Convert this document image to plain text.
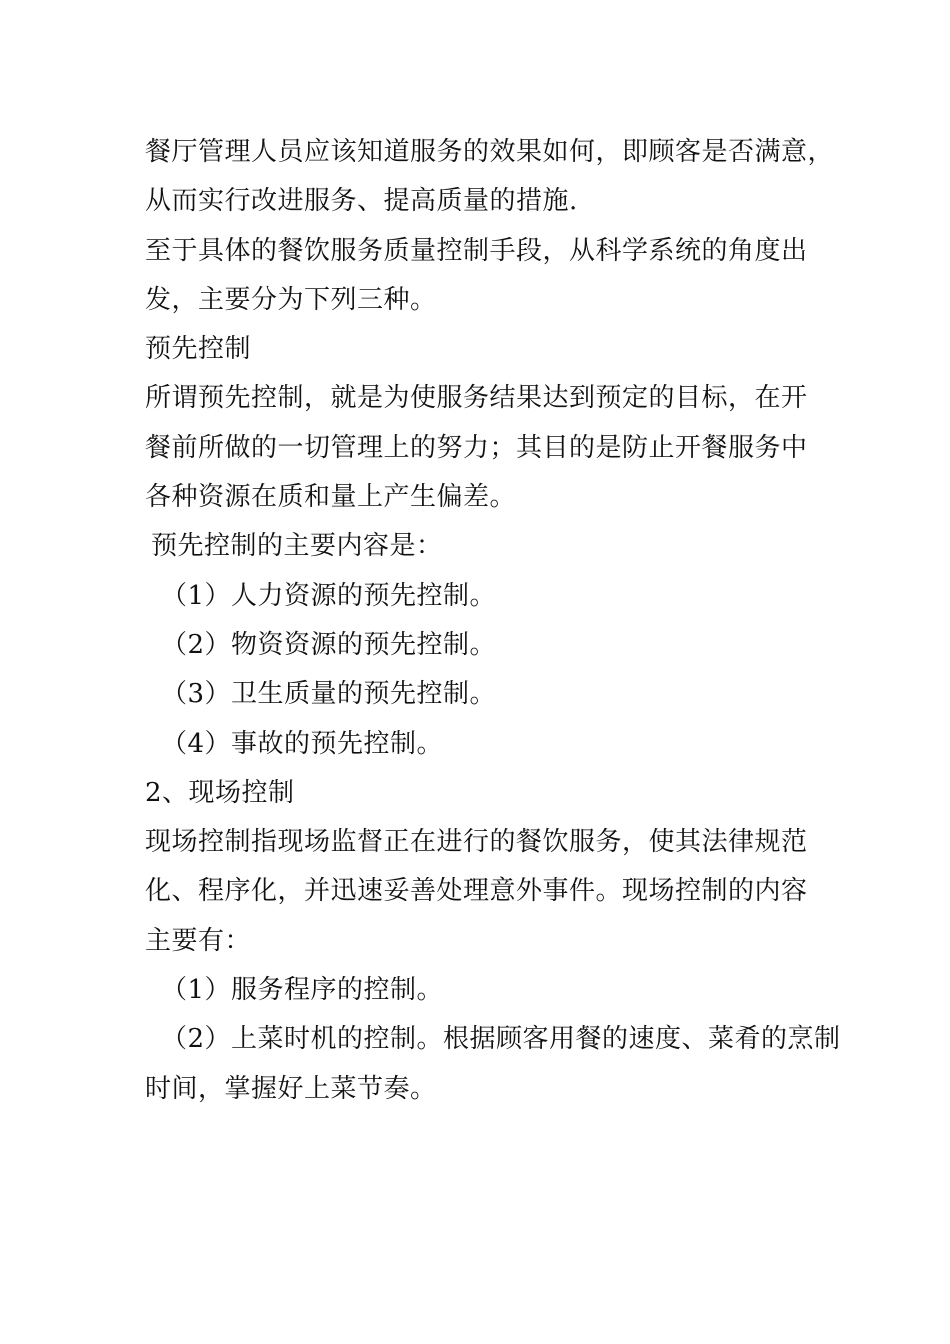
餐厅管理人员应该知道服务的效果如何，即顾客是否满意，
从而实行改进服务、提高质量的措施.
至于具体的餐饮服务质量控制手段，从科学系统的角度出
发，主要分为下列三种。
预先控制
所谓预先控制，就是为使服务结果达到预定的目标，在开
餐前所做的一切管理上的努力；其目的是防止开餐服务中
各种资源在质和量上产生偏差。
预先控制的主要内容是：
（1）人力资源的预先控制。
（2）物资资源的预先控制。
（3）卫生质量的预先控制。
（4）事故的预先控制。
2、现场控制
现场控制指现场监督正在进行的餐饮服务，使其法律规范
化、程序化，并迅速妥善处理意外事件。现场控制的内容
主要有：
（1）服务程序的控制。
（2）上菜时机的控制。根据顾客用餐的速度、菜肴的烹制
时间，掌握好上菜节奏。
